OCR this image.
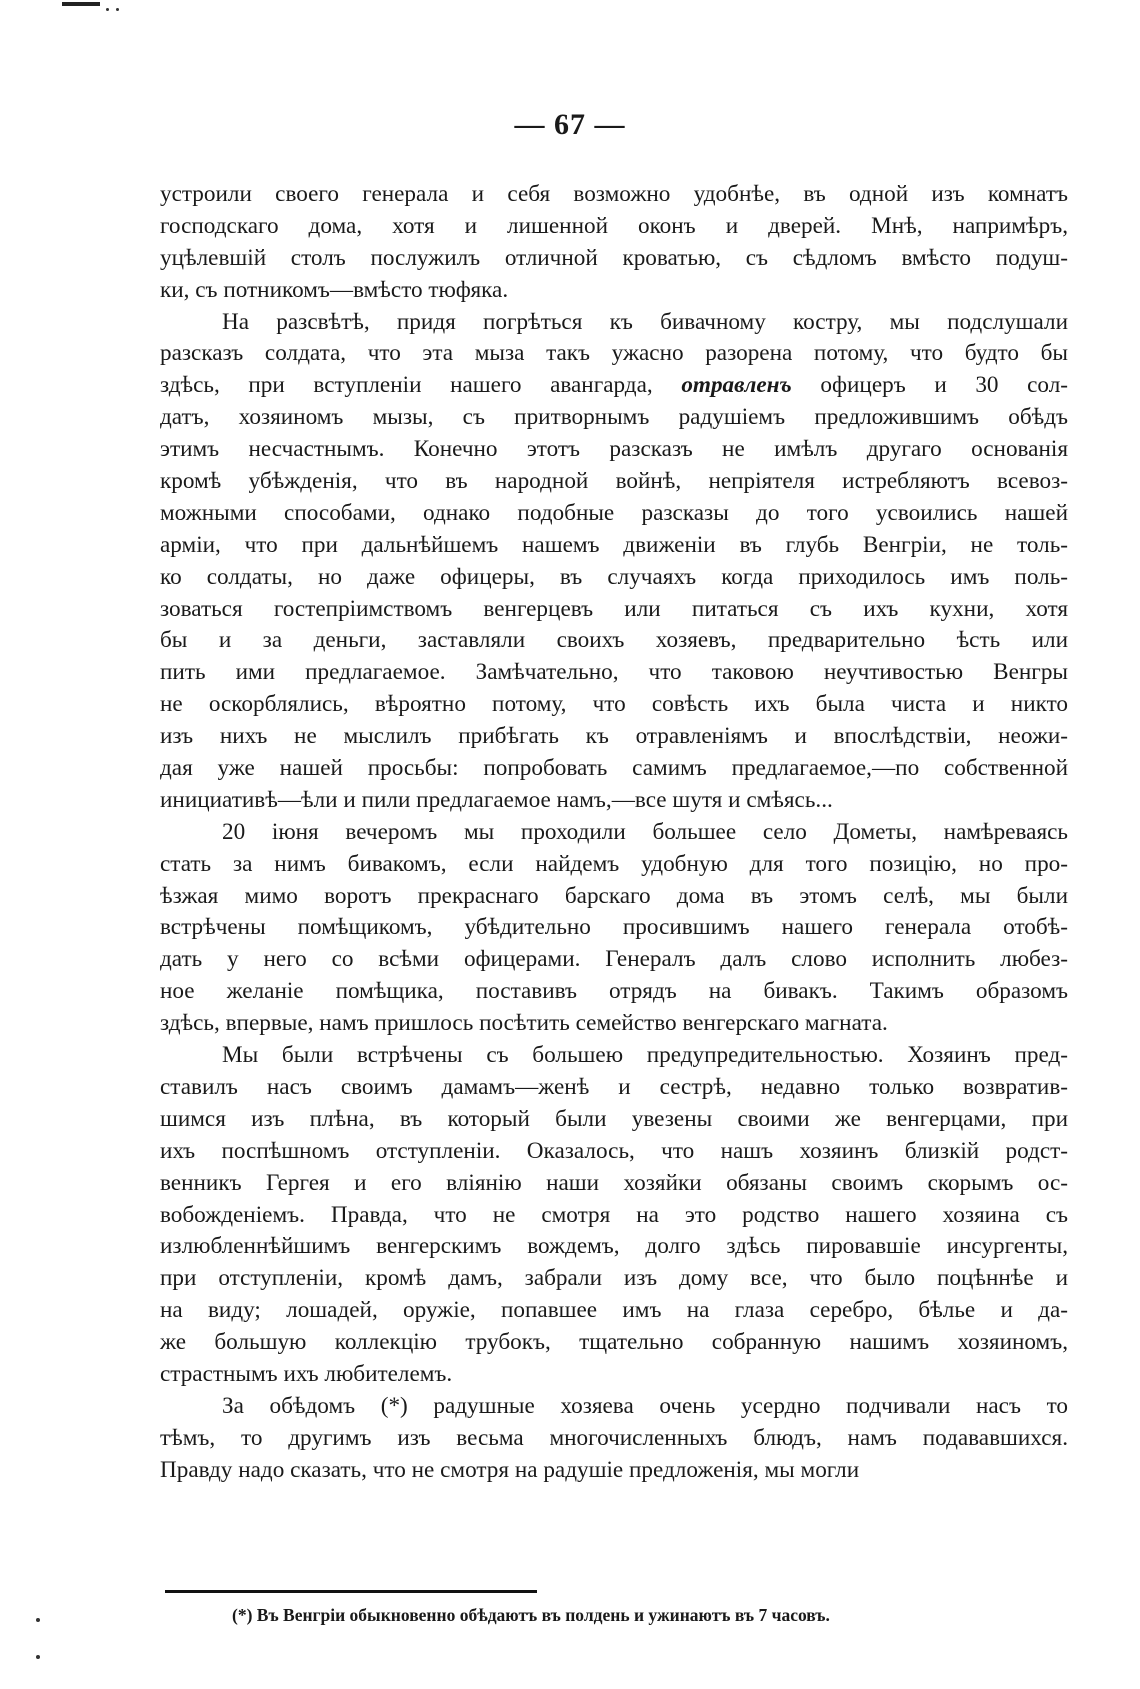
— 67 —
устроили своего генерала и себя возможно удобнѣе, въ одной изъ комнатъ
господскаго дома, хотя и лишенной оконъ и дверей. Мнѣ, напримѣръ,
уцѣлевшiй столъ послужилъ отличной кроватью, съ сѣдломъ вмѣсто подуш-
ки, съ потникомъ—вмѣсто тюфяка.
На разсвѣтѣ, придя погрѣться къ бивачному костру, мы подслушали
разсказъ солдата, что эта мыза такъ ужасно разорена потому, что будто бы
здѣсь, при вступленiи нашего авангарда, отравленъ офицеръ и 30 сол-
датъ, хозяиномъ мызы, съ притворнымъ радушiемъ предложившимъ обѣдъ
этимъ несчастнымъ. Конечно этотъ разсказъ не имѣлъ другаго основанiя
кромѣ убѣжденiя, что въ народной войнѣ, непрiятеля истребляютъ всевоз-
можными способами, однако подобные разсказы до того усвоились нашей
армiи, что при дальнѣйшемъ нашемъ движенiи въ глубь Венгрiи, не толь-
ко солдаты, но даже офицеры, въ случаяхъ когда приходилось имъ поль-
зоваться гостепрiимствомъ венгерцевъ или питаться съ ихъ кухни, хотя
бы и за деньги, заставляли своихъ хозяевъ, предварительно ѣсть или
пить ими предлагаемое. Замѣчательно, что таковою неучтивостью Венгры
не оскорблялись, вѣроятно потому, что совѣсть ихъ была чиста и никто
изъ нихъ не мыслилъ прибѣгать къ отравленiямъ и впослѣдствiи, неожи-
дая уже нашей просьбы: попробовать самимъ предлагаемое,—по собственной
инициативѣ—ѣли и пили предлагаемое намъ,—все шутя и смѣясь...
20 iюня вечеромъ мы проходили большее село Дометы, намѣреваясь
стать за нимъ бивакомъ, если найдемъ удобную для того позицiю, но про-
ѣзжая мимо воротъ прекраснаго барскаго дома въ этомъ селѣ, мы были
встрѣчены помѣщикомъ, убѣдительно просившимъ нашего генерала отобѣ-
дать у него со всѣми офицерами. Генералъ далъ слово исполнить любез-
ное желанiе помѣщика, поставивъ отрядъ на бивакъ. Такимъ образомъ
здѣсь, впервые, намъ пришлось посѣтить семейство венгерскаго магната.
Мы были встрѣчены съ большею предупредительностью. Хозяинъ пред-
ставилъ насъ своимъ дамамъ—женѣ и сестрѣ, недавно только возвратив-
шимся изъ плѣна, въ который были увезены своими же венгерцами, при
ихъ поспѣшномъ отступленiи. Оказалось, что нашъ хозяинъ близкiй родст-
венникъ Гергея и его влiянiю наши хозяйки обязаны своимъ скорымъ ос-
вобожденiемъ. Правда, что не смотря на это родство нашего хозяина съ
излюбленнѣйшимъ венгерскимъ вождемъ, долго здѣсь пировавшiе инсургенты,
при отступленiи, кромѣ дамъ, забрали изъ дому все, что было поцѣннѣе и
на виду; лошадей, оружiе, попавшее имъ на глаза серебро, бѣлье и да-
же большую коллекцiю трубокъ, тщательно собранную нашимъ хозяиномъ,
страстнымъ ихъ любителемъ.
За обѣдомъ (*) радушные хозяева очень усердно подчивали насъ то
тѣмъ, то другимъ изъ весьма многочисленныхъ блюдъ, намъ подававшихся.
Правду надо сказать, что не смотря на радушiе предложенiя, мы могли
(*) Въ Венгрiи обыкновенно обѣдаютъ въ полдень и ужинаютъ въ 7 часовъ.
